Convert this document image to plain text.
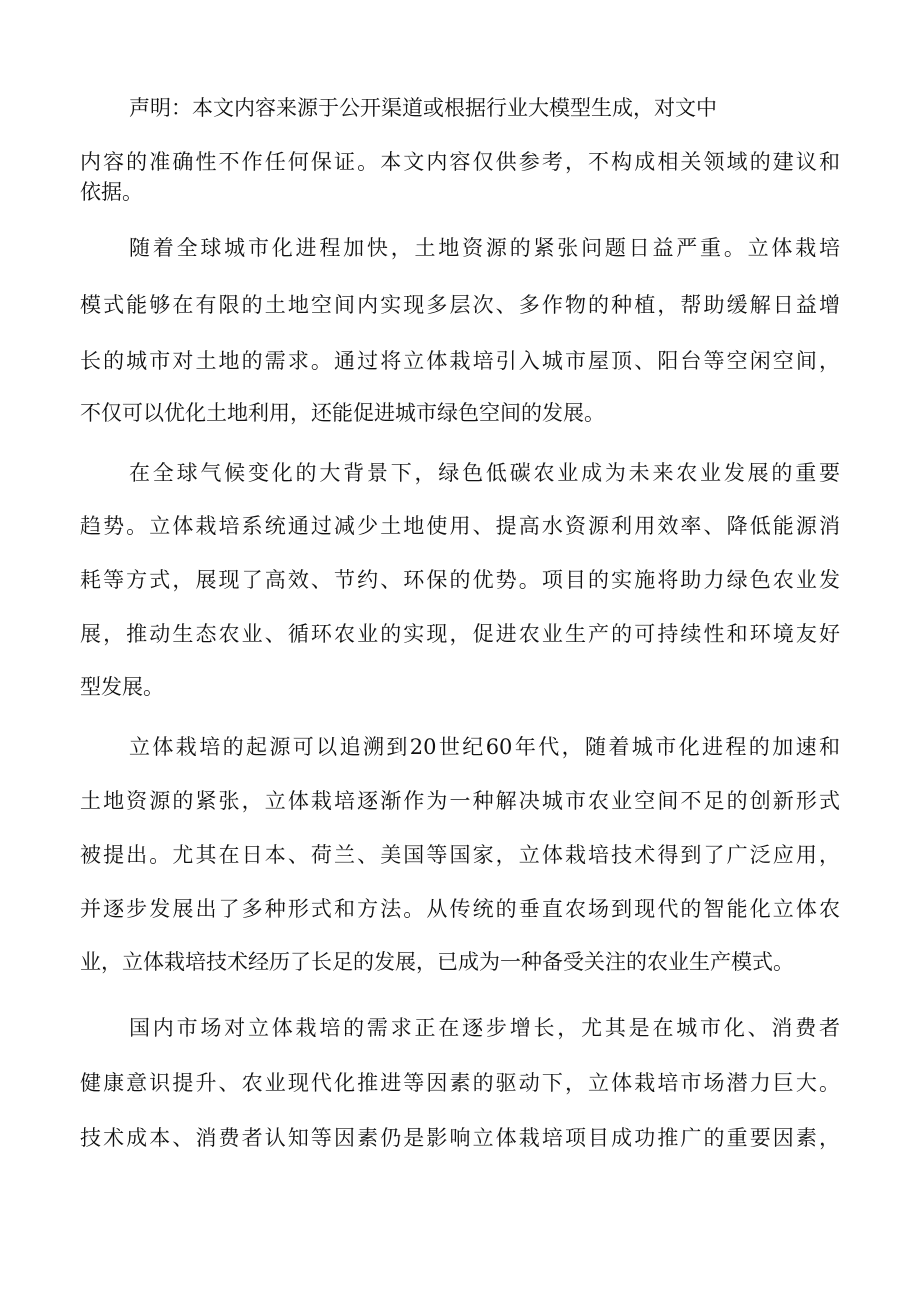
声明：本文内容来源于公开渠道或根据行业大模型生成，对文中
内容的准确性不作任何保证。本文内容仅供参考，不构成相关领域的建议和
依据。
随着全球城市化进程加快，土地资源的紧张问题日益严重。立体栽培
模式能够在有限的土地空间内实现多层次、多作物的种植，帮助缓解日益增
长的城市对土地的需求。通过将立体栽培引入城市屋顶、阳台等空闲空间，
不仅可以优化土地利用，还能促进城市绿色空间的发展。
在全球气候变化的大背景下，绿色低碳农业成为未来农业发展的重要
趋势。立体栽培系统通过减少土地使用、提高水资源利用效率、降低能源消
耗等方式，展现了高效、节约、环保的优势。项目的实施将助力绿色农业发
展，推动生态农业、循环农业的实现，促进农业生产的可持续性和环境友好
型发展。
立体栽培的起源可以追溯到20世纪60年代，随着城市化进程的加速和
土地资源的紧张，立体栽培逐渐作为一种解决城市农业空间不足的创新形式
被提出。尤其在日本、荷兰、美国等国家，立体栽培技术得到了广泛应用，
并逐步发展出了多种形式和方法。从传统的垂直农场到现代的智能化立体农
业，立体栽培技术经历了长足的发展，已成为一种备受关注的农业生产模式。
国内市场对立体栽培的需求正在逐步增长，尤其是在城市化、消费者
健康意识提升、农业现代化推进等因素的驱动下，立体栽培市场潜力巨大。
技术成本、消费者认知等因素仍是影响立体栽培项目成功推广的重要因素，
